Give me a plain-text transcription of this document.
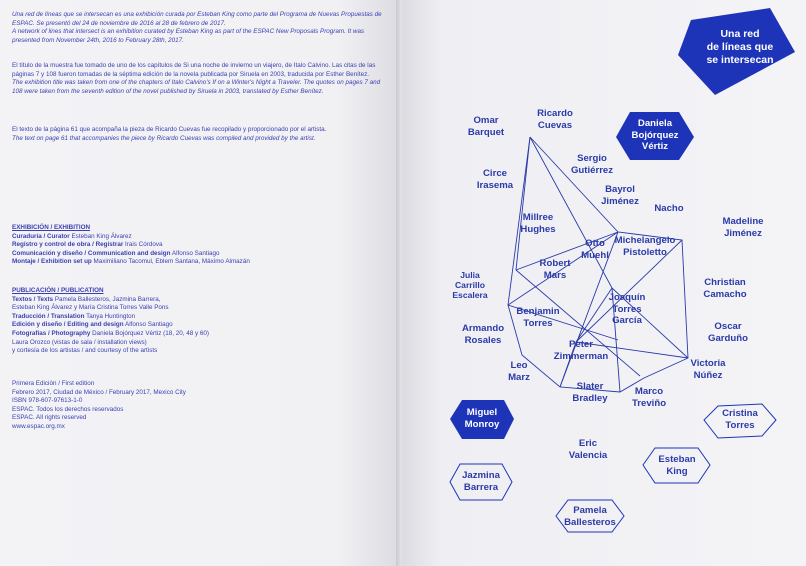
Una red de líneas que se intersecan es una exhibición curada por Esteban King como parte del Programa de Nuevas Propuestas de ESPAC. Se presentó del 24 de noviembre de 2016 al 28 de febrero de 2017.

A network of lines that intersect is an exhibition curated by Esteban King as part of the ESPAC New Proposals Program. It was presented from November 24th, 2016 to February 28th, 2017.

El título de la muestra fue tomado de uno de los capítulos de Si una noche de invierno un viajero, de Italo Calvino. Las citas de las páginas 7 y 108 fueron tomadas de la séptima edición de la novela publicada por Siruela en 2003, traducida por Esther Benítez.

The exhibition title was taken from one of the chapters of Italo Calvino's If on a Winter's Night a Traveler. The quotes on pages 7 and 108 were taken from the seventh edition of the novel published by Siruela in 2003, translated by Esther Benítez.

El texto de la página 61 que acompaña la pieza de Ricardo Cuevas fue recopilado y proporcionado por el artista.

The text on page 61 that accompanies the piece by Ricardo Cuevas was compiled and provided by the artist.

EXHIBICIÓN / EXHIBITION

Curaduría / Curator Esteban King Álvarez

Registro y control de obra / Registrar Irais Córdova

Comunicación y diseño / Communication and design Alfonso Santiago

Montaje / Exhibition set up Maximiliano Tacomul, Eblem Santana, Máximo Almazán

PUBLICACIÓN / PUBLICATION

Textos / Texts Pamela Ballesteros, Jazmina Barrera,

Esteban King Álvarez y María Cristina Torres Valle Pons

Traducción / Translation Tanya Huntington

Edición y diseño / Editing and design Alfonso Santiago

Fotografías / Photography Daniela Bojórquez Vértiz (18, 20, 48 y 60)

Laura Orozco (vistas de sala / installation views)

y cortesía de los artistas / and courtesy of the artists

Primera Edición / First edition

Febrero 2017, Ciudad de México / February 2017, Mexico City

ISBN 978-607-97613-1-0

ESPAC. Todos los derechos reservados

ESPAC. All rights reserved

www.espac.org.mx

Una red
de líneas que
se intersecan
Omar
Barquet
Ricardo
Cuevas	Daniela
Bojórquez
Vértiz
Sergio
Gutiérrez
Circe
Irasema	Bayrol
Jiménez
Nacho
Madeline
Jiménez
Millree
Hughes
Otto
Muehl
Michelangelo
Pistoletto
Julia
Carrillo
Escalera
Robert
Mars
Christian
Camacho
Benjamin
Torres
Joaquín
Torres
García
Armando
Rosales
Oscar
Garduño
Peter
Zimmerman
Leo
Marz
Victoria
Núñez
Slater
Bradley
Marco
Treviño
Miguel
Monroy
Cristina
Torres
Eric
Valencia	Esteban
King
Jazmina
Barrera
Pamela
Ballesteros
